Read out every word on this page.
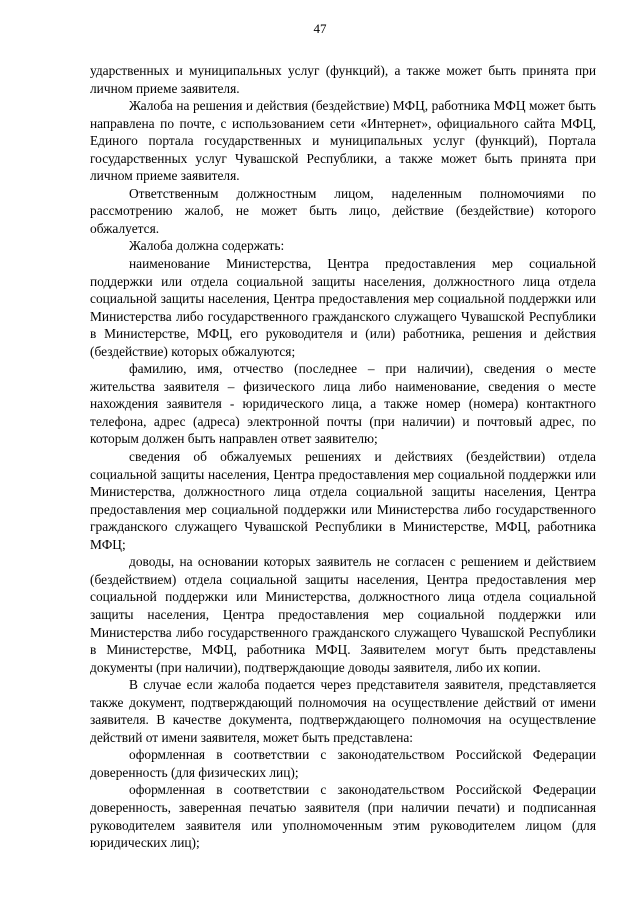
47

ударственных и муниципальных услуг (функций), а также может быть принята при личном приеме заявителя.

Жалоба на решения и действия (бездействие) МФЦ, работника МФЦ может быть направлена по почте, с использованием сети «Интернет», официального сайта МФЦ, Единого портала государственных и муниципальных услуг (функций), Портала государственных услуг Чувашской Республики, а также может быть принята при личном приеме заявителя.

Ответственным должностным лицом, наделенным полномочиями по рассмотрению жалоб, не может быть лицо, действие (бездействие) которого обжалуется.

Жалоба должна содержать:

наименование Министерства, Центра предоставления мер социальной поддержки или отдела социальной защиты населения, должностного лица отдела социальной защиты населения, Центра предоставления мер социальной поддержки или Министерства либо государственного гражданского служащего Чувашской Республики в Министерстве, МФЦ, его руководителя и (или) работника, решения и действия (бездействие) которых обжалуются;

фамилию, имя, отчество (последнее – при наличии), сведения о месте жительства заявителя – физического лица либо наименование, сведения о месте нахождения заявителя - юридического лица, а также номер (номера) контактного телефона, адрес (адреса) электронной почты (при наличии) и почтовый адрес, по которым должен быть направлен ответ заявителю;

сведения об обжалуемых решениях и действиях (бездействии) отдела социальной защиты населения, Центра предоставления мер социальной поддержки или Министерства, должностного лица отдела социальной защиты населения, Центра предоставления мер социальной поддержки или Министерства либо государственного гражданского служащего Чувашской Республики в Министерстве, МФЦ, работника МФЦ;

доводы, на основании которых заявитель не согласен с решением и действием (бездействием) отдела социальной защиты населения, Центра предоставления мер социальной поддержки или Министерства, должностного лица отдела социальной защиты населения, Центра предоставления мер социальной поддержки или Министерства либо государственного гражданского служащего Чувашской Республики в Министерстве, МФЦ, работника МФЦ. Заявителем могут быть представлены документы (при наличии), подтверждающие доводы заявителя, либо их копии.

В случае если жалоба подается через представителя заявителя, представляется также документ, подтверждающий полномочия на осуществление действий от имени заявителя. В качестве документа, подтверждающего полномочия на осуществление действий от имени заявителя, может быть представлена:

оформленная в соответствии с законодательством Российской Федерации доверенность (для физических лиц);

оформленная в соответствии с законодательством Российской Федерации доверенность, заверенная печатью заявителя (при наличии печати) и подписанная руководителем заявителя или уполномоченным этим руководителем лицом (для юридических лиц);
